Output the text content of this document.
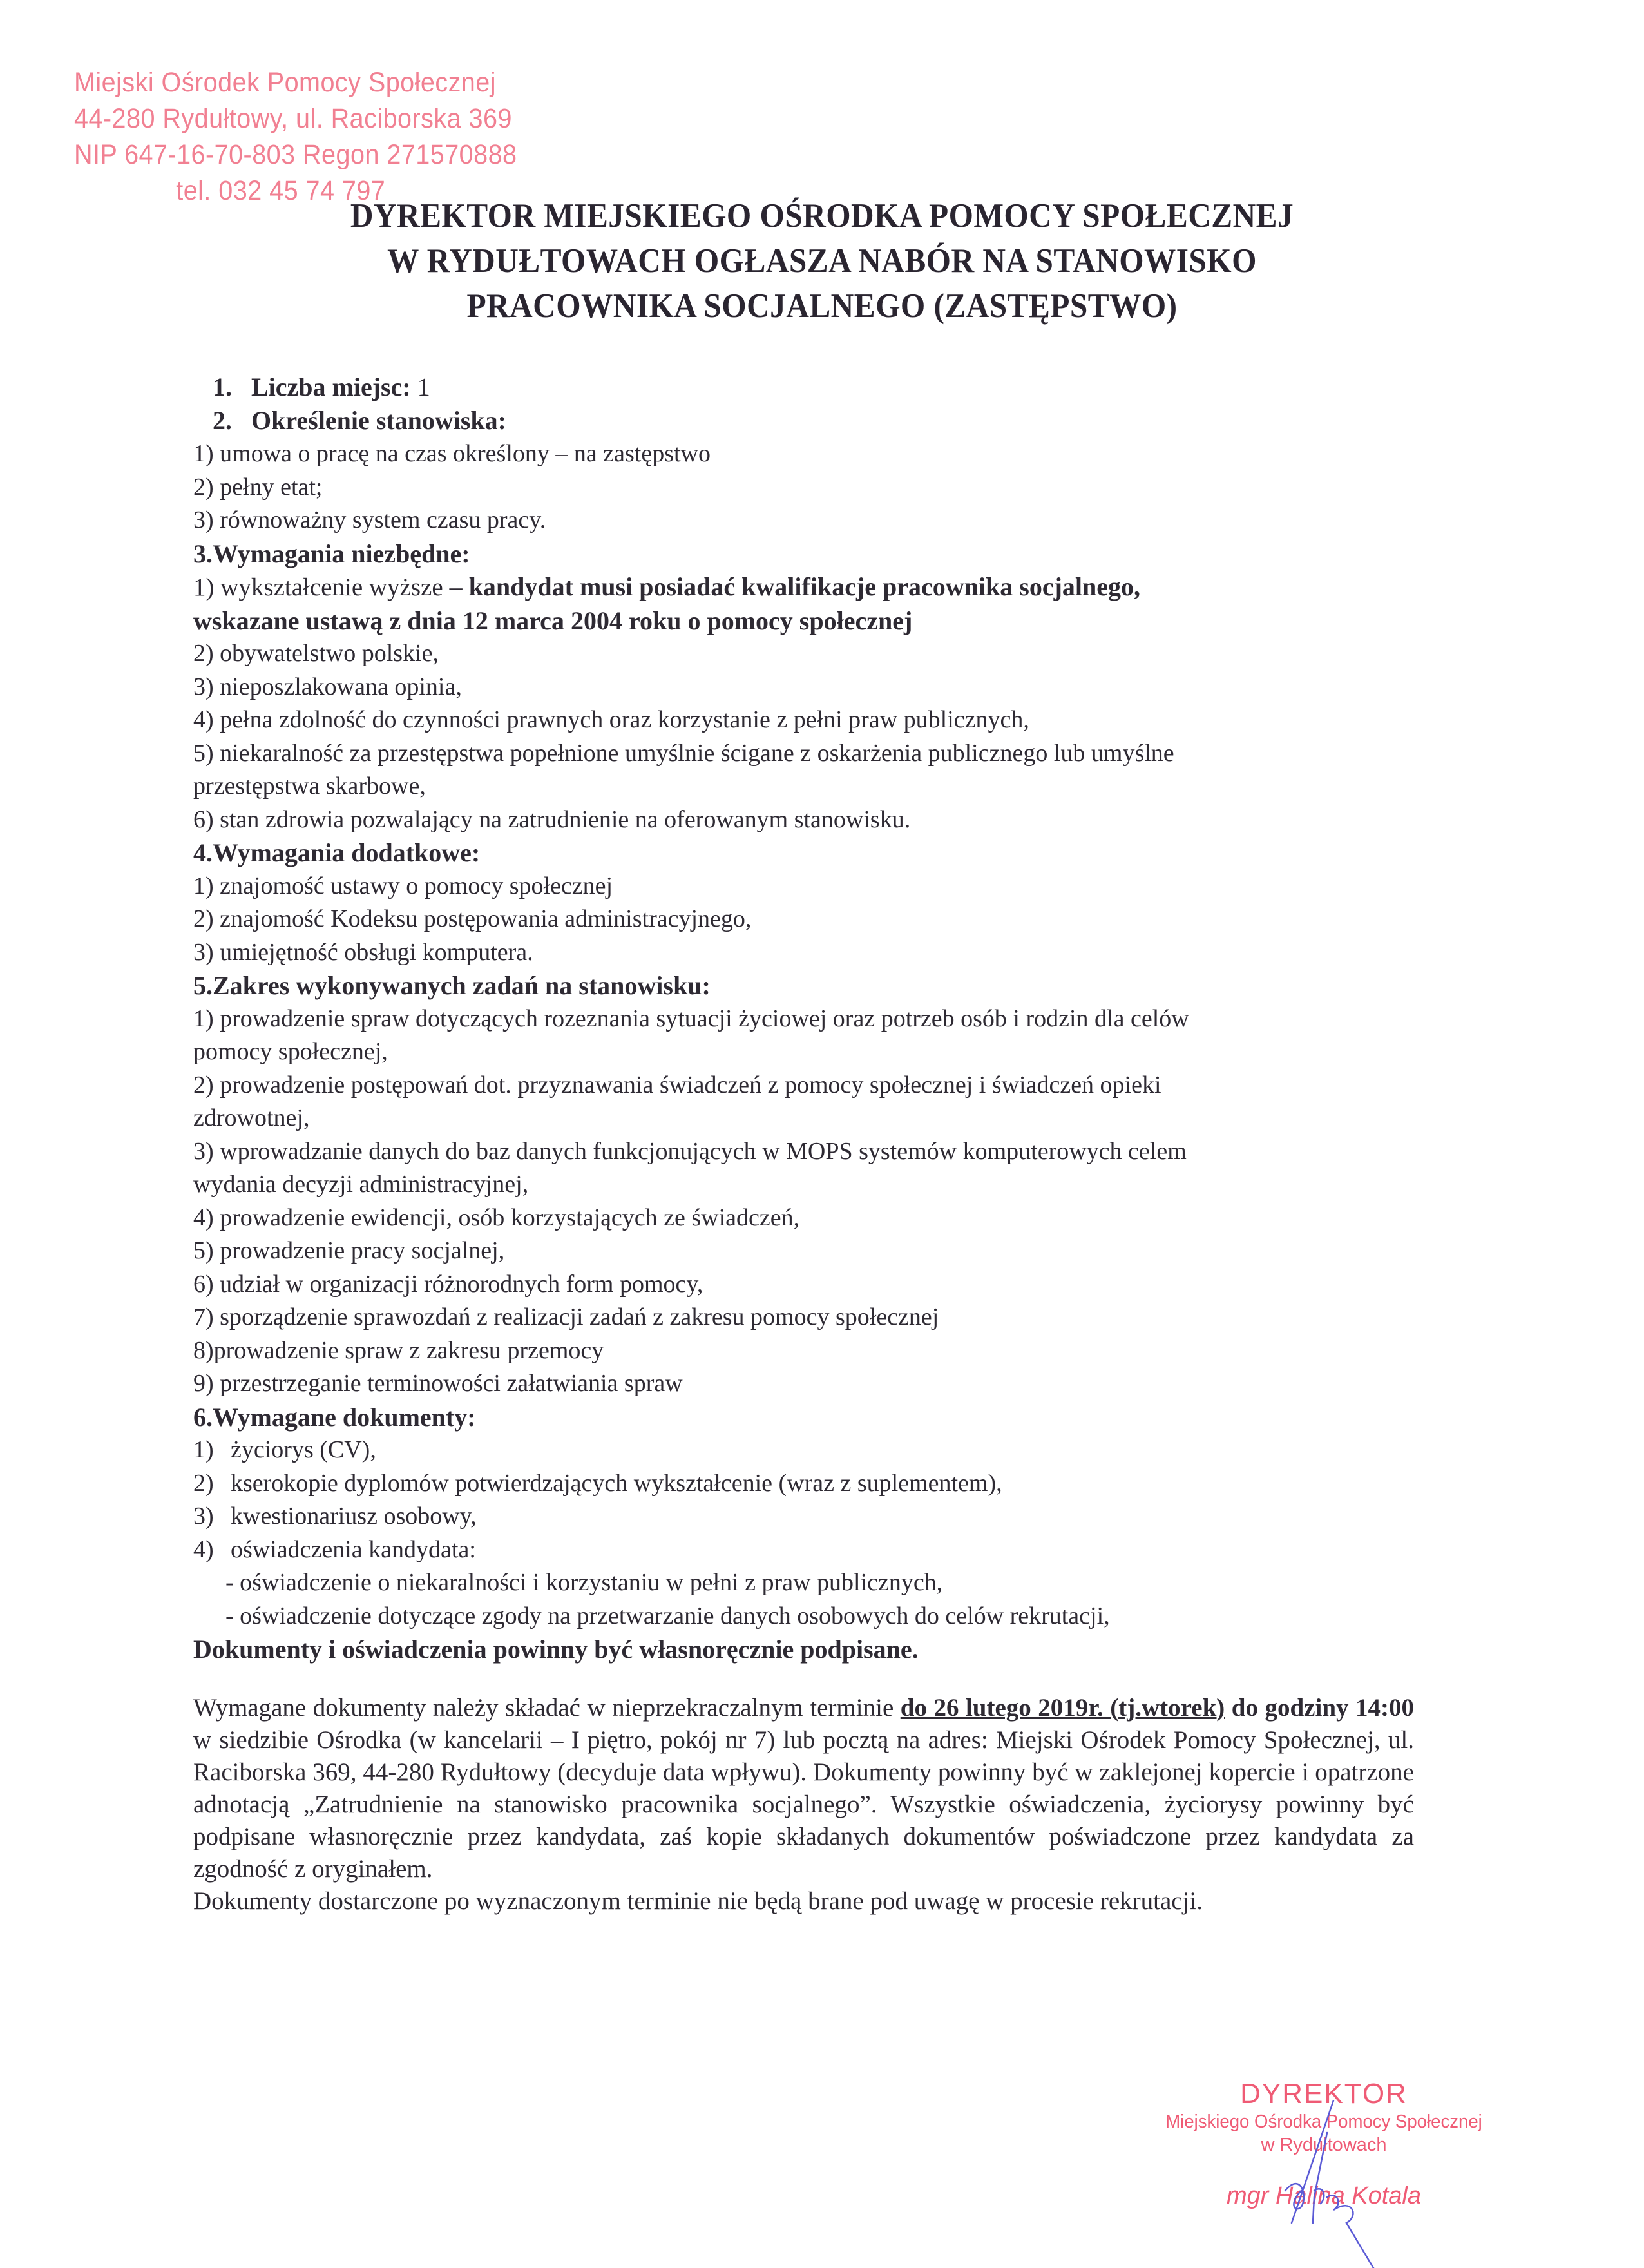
Miejski Ośrodek Pomocy Społecznej
44-280 Rydułtowy, ul. Raciborska 369
NIP 647-16-70-803 Regon 271570888
tel. 032 45 74 797
DYREKTOR MIEJSKIEGO OŚRODKA POMOCY SPOŁECZNEJ
W RYDUŁTOWACH OGŁASZA NABÓR NA STANOWISKO
PRACOWNIKA SOCJALNEGO (ZASTĘPSTWO)
1. Liczba miejsc: 1
2. Określenie stanowiska:
1) umowa o pracę na czas określony – na zastępstwo
2) pełny etat;
3) równoważny system czasu pracy.
3.Wymagania niezbędne:
1) wykształcenie wyższe – kandydat musi posiadać kwalifikacje pracownika socjalnego,
wskazane ustawą z dnia 12 marca 2004 roku o pomocy społecznej
2) obywatelstwo polskie,
3) nieposzlakowana opinia,
4) pełna zdolność do czynności prawnych oraz korzystanie z pełni praw publicznych,
5) niekaralność za przestępstwa popełnione umyślnie ścigane z oskarżenia publicznego lub umyślne
przestępstwa skarbowe,
6) stan zdrowia pozwalający na zatrudnienie na oferowanym stanowisku.
4.Wymagania dodatkowe:
1) znajomość ustawy o pomocy społecznej
2) znajomość Kodeksu postępowania administracyjnego,
3) umiejętność obsługi komputera.
5.Zakres wykonywanych zadań na stanowisku:
1) prowadzenie spraw dotyczących rozeznania sytuacji życiowej oraz potrzeb osób i rodzin dla celów
pomocy społecznej,
2) prowadzenie postępowań dot. przyznawania świadczeń z pomocy społecznej i świadczeń opieki
zdrowotnej,
3) wprowadzanie danych do baz danych funkcjonujących w MOPS systemów komputerowych celem
wydania decyzji administracyjnej,
4) prowadzenie ewidencji, osób korzystających ze świadczeń,
5) prowadzenie pracy socjalnej,
6) udział w organizacji różnorodnych form pomocy,
7) sporządzenie sprawozdań z realizacji zadań z zakresu pomocy społecznej
8)prowadzenie spraw z zakresu przemocy
9) przestrzeganie terminowości załatwiania spraw
6.Wymagane dokumenty:
1) życiorys (CV),
2) kserokopie dyplomów potwierdzających wykształcenie (wraz z suplementem),
3) kwestionariusz osobowy,
4) oświadczenia kandydata:
- oświadczenie o niekaralności i korzystaniu w pełni z praw publicznych,
- oświadczenie dotyczące zgody na przetwarzanie danych osobowych do celów rekrutacji,
Dokumenty i oświadczenia powinny być własnoręcznie podpisane.
Wymagane dokumenty należy składać w nieprzekraczalnym terminie do 26 lutego 2019r. (tj.wtorek) do godziny 14:00 w siedzibie Ośrodka (w kancelarii – I piętro, pokój nr 7) lub pocztą na adres: Miejski Ośrodek Pomocy Społecznej, ul. Raciborska 369, 44-280 Rydułtowy (decyduje data wpływu). Dokumenty powinny być w zaklejonej kopercie i opatrzone adnotacją „Zatrudnienie na stanowisko pracownika socjalnego”. Wszystkie oświadczenia, życiorysy powinny być podpisane własnoręcznie przez kandydata, zaś kopie składanych dokumentów poświadczone przez kandydata za zgodność z oryginałem.
Dokumenty dostarczone po wyznaczonym terminie nie będą brane pod uwagę w procesie rekrutacji.
DYREKTOR
Miejskiego Ośrodka Pomocy Społecznej
w Rydułtowach
mgr Halina Kotala
